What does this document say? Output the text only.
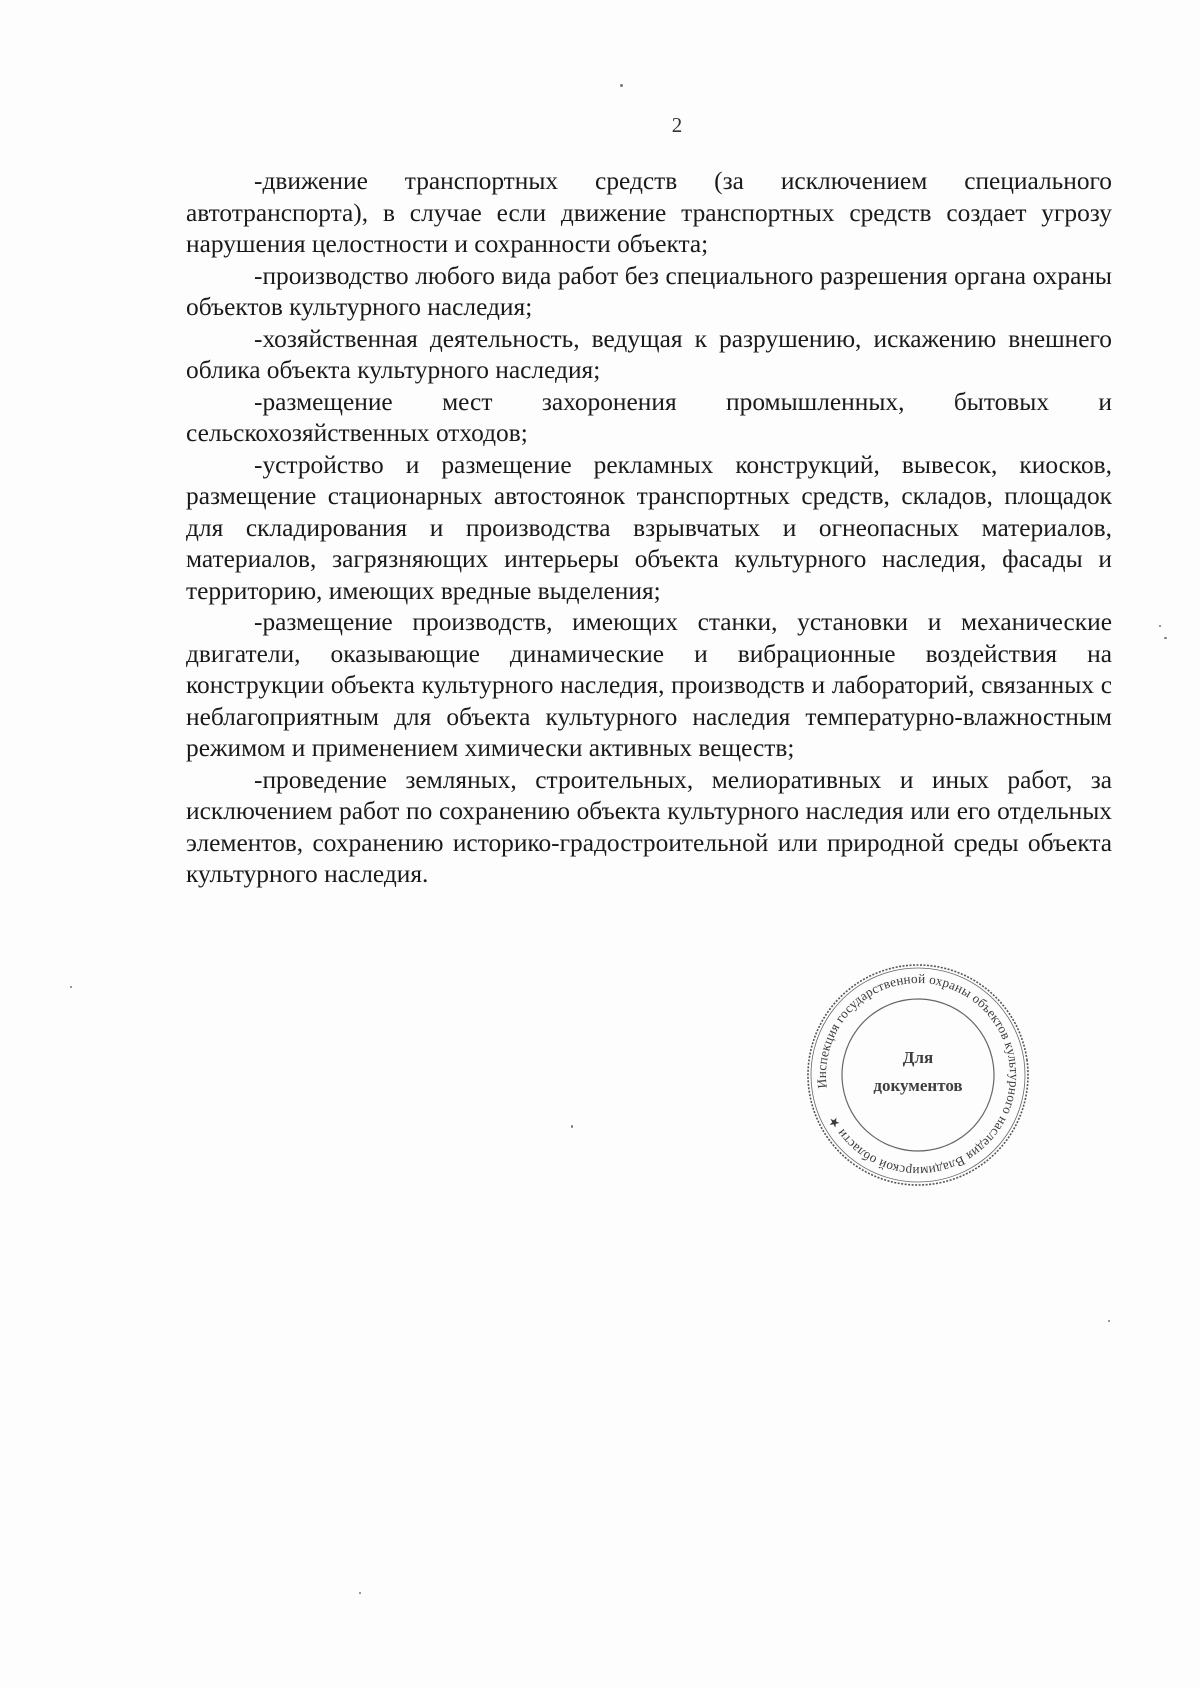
2

-движение транспортных средств (за исключением специального автотранспорта), в случае если движение транспортных средств создает угрозу нарушения целостности и сохранности объекта;

-производство любого вида работ без специального разрешения органа охраны объектов культурного наследия;

-хозяйственная деятельность, ведущая к разрушению, искажению внешнего облика объекта культурного наследия;

-размещение мест захоронения промышленных, бытовых и сельскохозяйственных отходов;

-устройство и размещение рекламных конструкций, вывесок, киосков, размещение стационарных автостоянок транспортных средств, складов, площадок для складирования и производства взрывчатых и огнеопасных материалов, материалов, загрязняющих интерьеры объекта культурного наследия, фасады и территорию, имеющих вредные выделения;

-размещение производств, имеющих станки, установки и механические двигатели, оказывающие динамические и вибрационные воздействия на конструкции объекта культурного наследия, производств и лабораторий, связанных с неблагоприятным для объекта культурного наследия температурно-влажностным режимом и применением химически активных веществ;

-проведение земляных, строительных, мелиоративных и иных работ, за исключением работ по сохранению объекта культурного наследия или его отдельных элементов, сохранению историко-градостроительной или природной среды объекта культурного наследия.

Инспекция государственной охраны объектов культурного наследия Владимирской области ★
Для
документов
